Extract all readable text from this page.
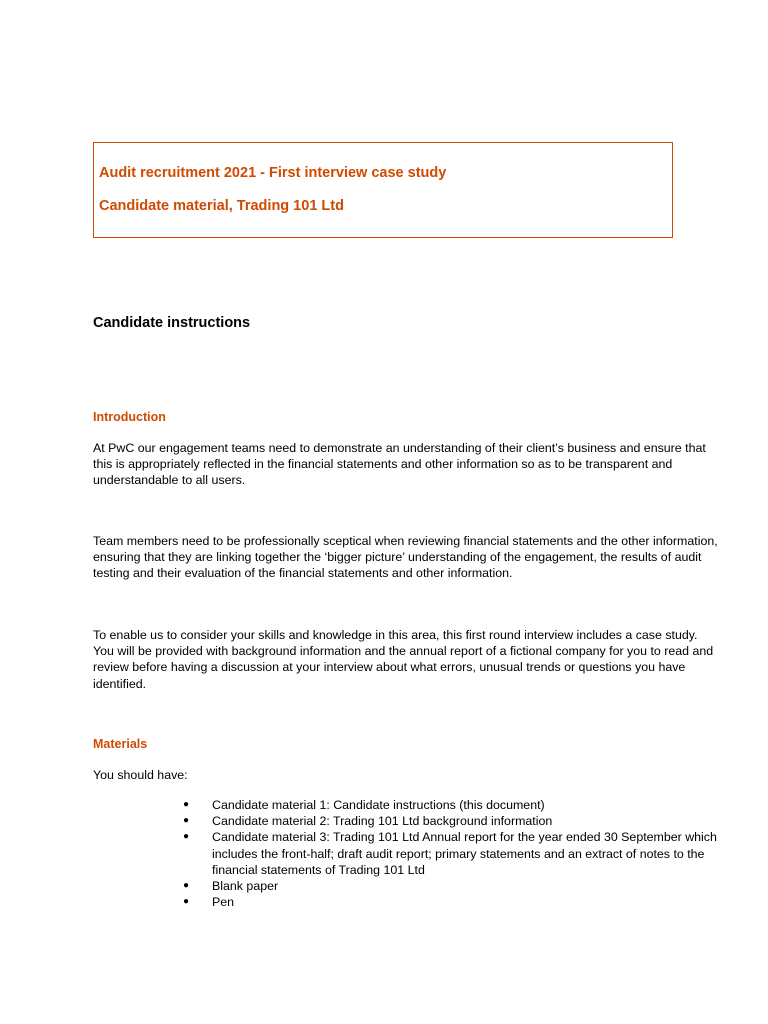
Audit recruitment 2021 - First interview case study
Candidate material, Trading 101 Ltd
Candidate instructions
Introduction

At PwC our engagement teams need to demonstrate an understanding of their client’s business and ensure that this is appropriately reflected in the financial statements and other information so as to be transparent and understandable to all users.

Team members need to be professionally sceptical when reviewing financial statements and the other information, ensuring that they are linking together the ‘bigger picture’ understanding of the engagement, the results of audit testing and their evaluation of the financial statements and other information.

To enable us to consider your skills and knowledge in this area, this first round interview includes a case study. You will be provided with background information and the annual report of a fictional company for you to read and review before having a discussion at your interview about what errors, unusual trends or questions you have identified.

Materials

You should have:

● Candidate material 1: Candidate instructions (this document)
● Candidate material 2: Trading 101 Ltd background information
● Candidate material 3: Trading 101 Ltd Annual report for the year ended 30 September which includes the front-half; draft audit report; primary statements and an extract of notes to the financial statements of Trading 101 Ltd
● Blank paper
● Pen
